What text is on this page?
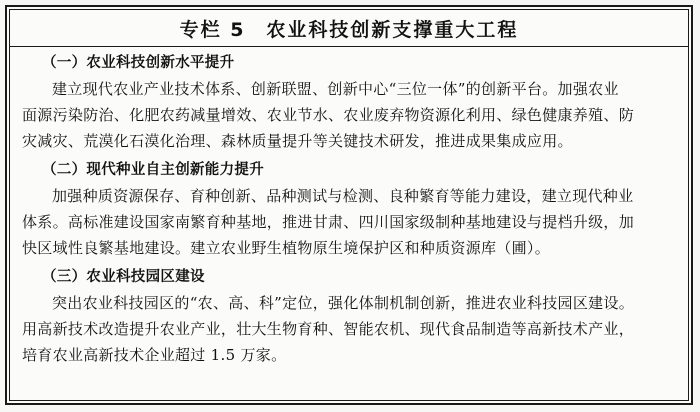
专栏 5　农业科技创新支撑重大工程
（一）农业科技创新水平提升
建立现代农业产业技术体系、创新联盟、创新中心“三位一体”的创新平台。加强农业
面源污染防治、化肥农药减量增效、农业节水、农业废弃物资源化利用、绿色健康养殖、防
灾减灾、荒漠化石漠化治理、森林质量提升等关键技术研发，推进成果集成应用。
（二）现代种业自主创新能力提升
加强种质资源保存、育种创新、品种测试与检测、良种繁育等能力建设，建立现代种业
体系。高标准建设国家南繁育种基地，推进甘肃、四川国家级制种基地建设与提档升级，加
快区域性良繁基地建设。建立农业野生植物原生境保护区和种质资源库（圃）。
（三）农业科技园区建设
突出农业科技园区的“农、高、科”定位，强化体制机制创新，推进农业科技园区建设。
用高新技术改造提升农业产业，壮大生物育种、智能农机、现代食品制造等高新技术产业，
培育农业高新技术企业超过 1.5 万家。
